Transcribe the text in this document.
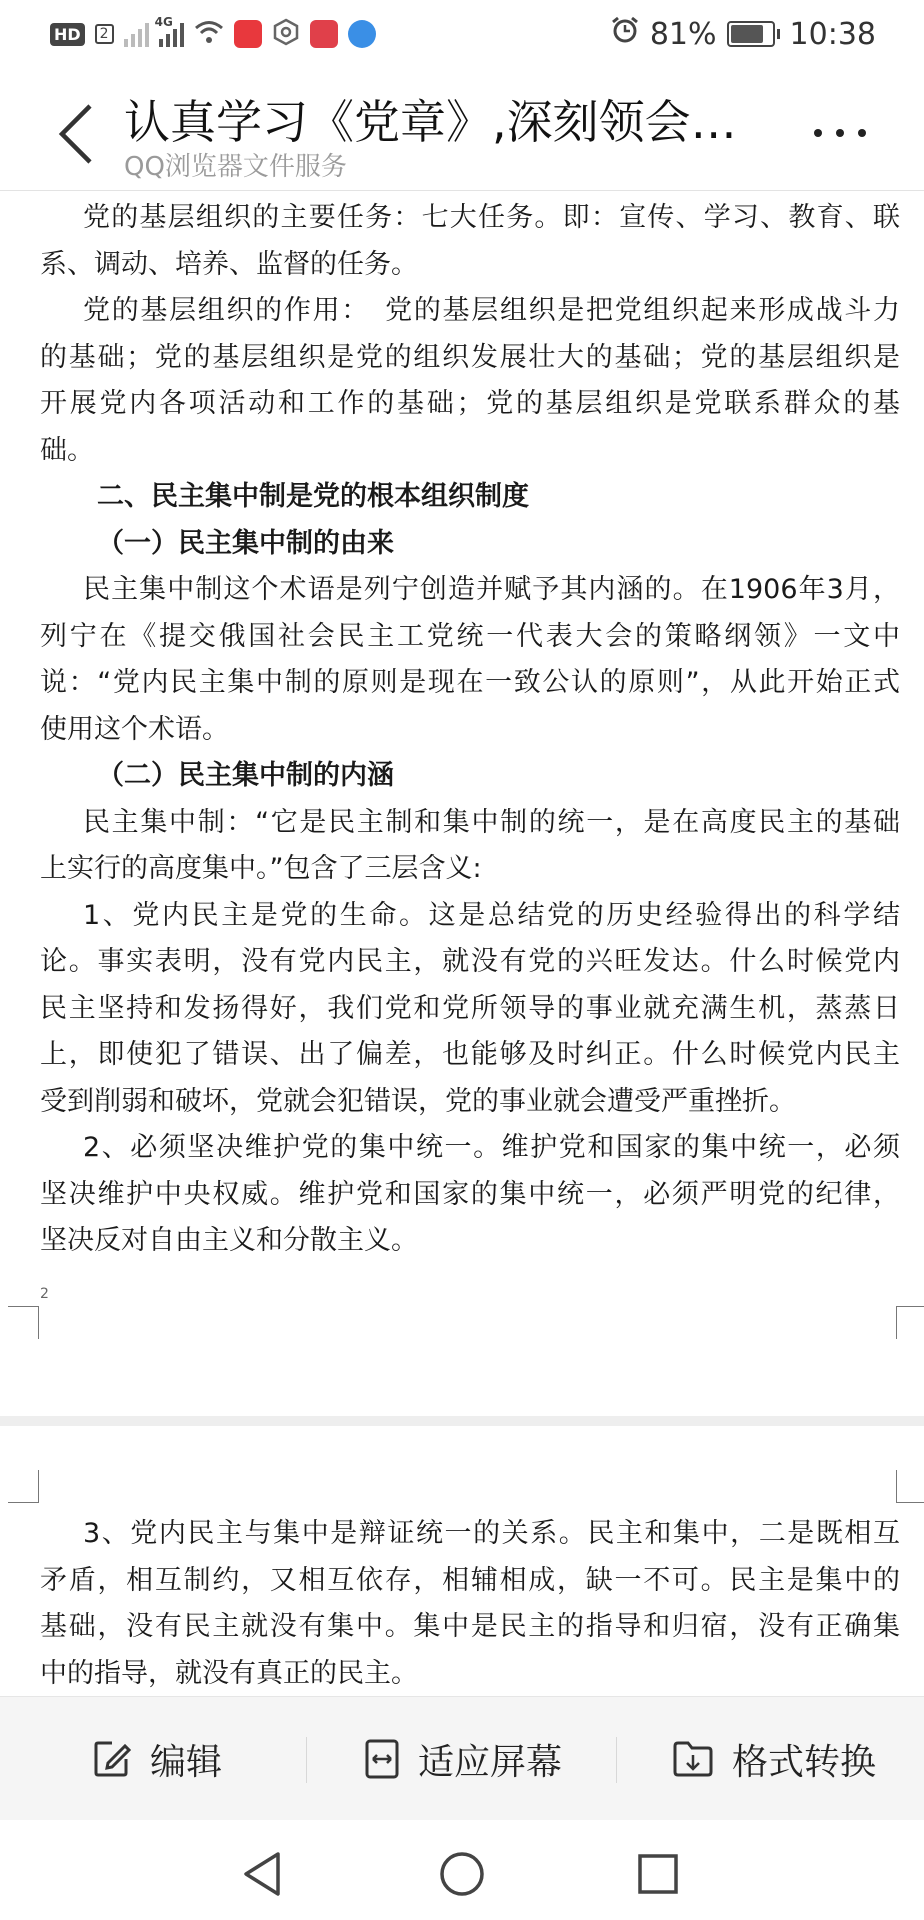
HD	2
4G	81% 10:38
认真学习《党章》,深刻领会…
QQ浏览器文件服务
党的基层组织的主要任务：七大任务。即：宣传、学习、教育、联
系、调动、培养、监督的任务。
党的基层组织的作用：　党的基层组织是把党组织起来形成战斗力
的基础；党的基层组织是党的组织发展壮大的基础；党的基层组织是
开展党内各项活动和工作的基础；党的基层组织是党联系群众的基
础。
二、民主集中制是党的根本组织制度
（一）民主集中制的由来
民主集中制这个术语是列宁创造并赋予其内涵的。在1906年3月，
列宁在《提交俄国社会民主工党统一代表大会的策略纲领》一文中
说：“党内民主集中制的原则是现在一致公认的原则”，从此开始正式
使用这个术语。
（二）民主集中制的内涵
民主集中制：“它是民主制和集中制的统一，是在高度民主的基础
上实行的高度集中。”包含了三层含义:
1、党内民主是党的生命。这是总结党的历史经验得出的科学结
论。事实表明，没有党内民主，就没有党的兴旺发达。什么时候党内
民主坚持和发扬得好，我们党和党所领导的事业就充满生机，蒸蒸日
上，即使犯了错误、出了偏差，也能够及时纠正。什么时候党内民主
受到削弱和破坏，党就会犯错误，党的事业就会遭受严重挫折。
2、必须坚决维护党的集中统一。维护党和国家的集中统一，必须
坚决维护中央权威。维护党和国家的集中统一，必须严明党的纪律，
坚决反对自由主义和分散主义。
2
3、党内民主与集中是辩证统一的关系。民主和集中，二是既相互
矛盾，相互制约，又相互依存，相辅相成，缺一不可。民主是集中的
基础，没有民主就没有集中。集中是民主的指导和归宿，没有正确集
中的指导，就没有真正的民主。
编辑	适应屏幕	格式转换
